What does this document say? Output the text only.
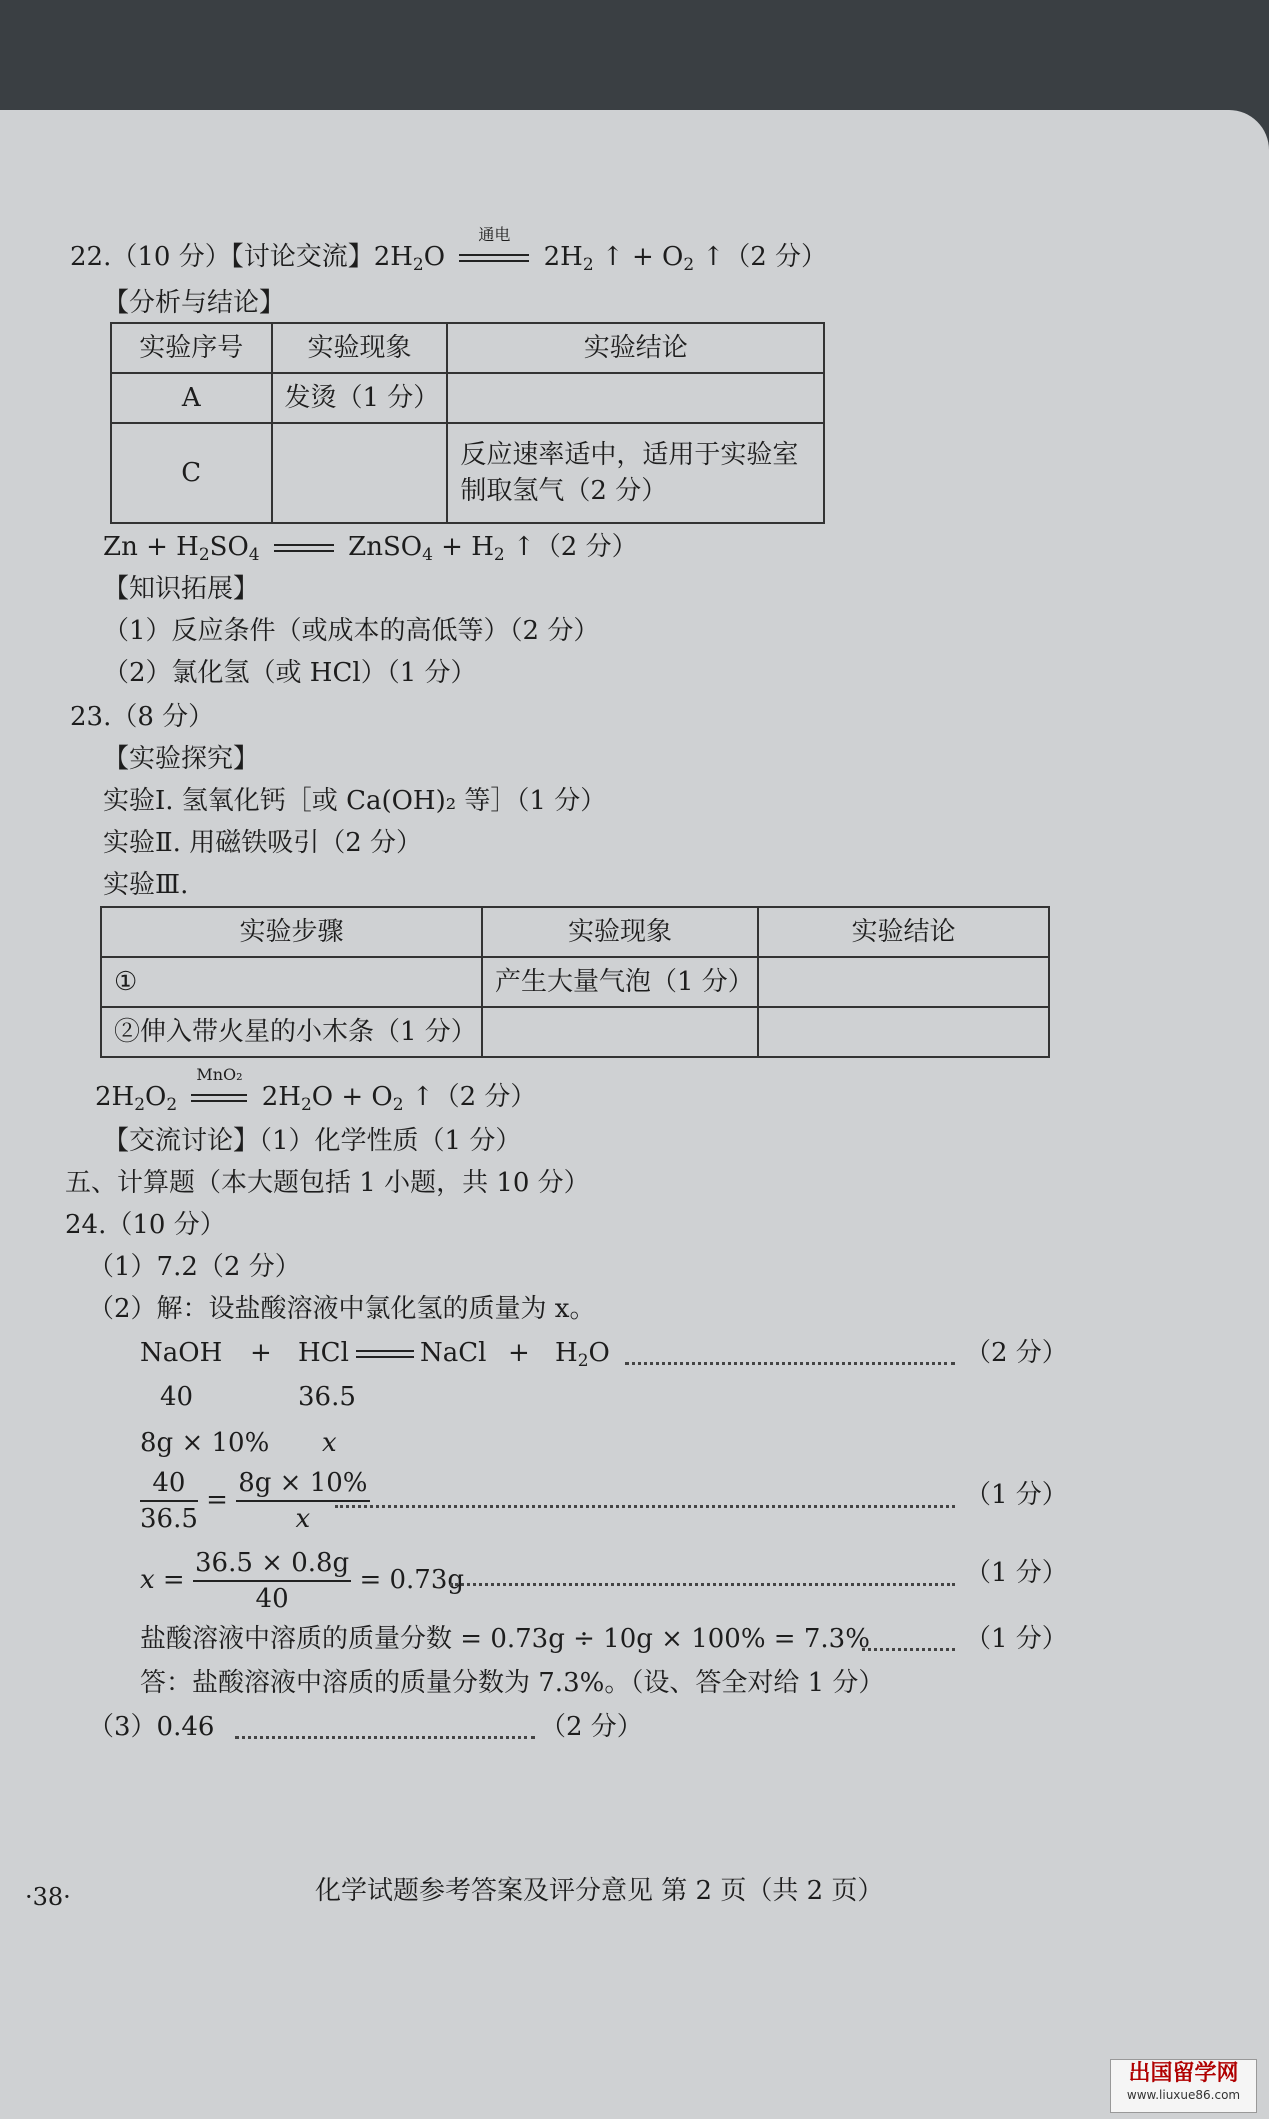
22.（10 分）【讨论交流】$2H_2O$
通电
$2H_2$ ↑ + $O_2$ ↑（2 分）
【分析与结论】
实验序号	实验现象	实验结论
A	发烫（1 分）	
C		反应速率适中，适用于实验室制取氢气（2 分）
$Zn + H_2SO_4$	ZnSO$_4$ + $H_2$ ↑（2 分）
【知识拓展】
（1）反应条件（或成本的高低等）（2 分）
（2）氯化氢（或 HCl）（1 分）
23.（8 分）
【实验探究】
实验Ⅰ. 氢氧化钙［或 Ca(OH)₂ 等］（1 分）
实验Ⅱ. 用磁铁吸引（2 分）
实验Ⅲ.
实验步骤	实验现象	实验结论
①	产生大量气泡（1 分）	
②伸入带火星的小木条（1 分）		
$2H_2O_2$
MnO₂
$2H_2O + O_2$ ↑（2 分）
【交流讨论】（1）化学性质（1 分）
五、计算题（本大题包括 1 小题，共 10 分）
24.（10 分）
（1）7.2（2 分）
（2）解：设盐酸溶液中氯化氢的质量为 x。
NaOH + HCl	NaCl + $H_2O$	（2 分）
40	36.5
8g × 10% x
$\frac{40}{36.5} = \frac{8g \times 10\%}{x}$	（1 分）
$x = \frac{36.5 \times 0.8g}{40} = 0.73g$	（1 分）
盐酸溶液中溶质的质量分数 = 0.73g ÷ 10g × 100% = 7.3%	（1 分）
答：盐酸溶液中溶质的质量分数为 7.3%。（设、答全对给 1 分）
（3）0.46	（2 分）
·38·	化学试题参考答案及评分意见 第 2 页（共 2 页）
出国留学网
www.liuxue86.com
